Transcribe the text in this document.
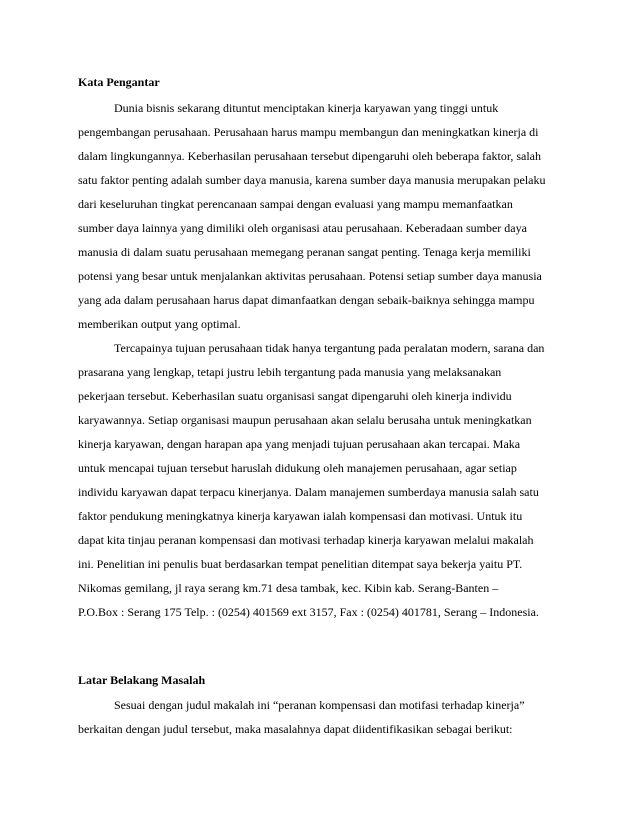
Kata Pengantar
Dunia bisnis sekarang dituntut menciptakan kinerja karyawan yang tinggi untuk
pengembangan perusahaan. Perusahaan harus mampu membangun dan meningkatkan kinerja di
dalam lingkungannya. Keberhasilan perusahaan tersebut dipengaruhi oleh beberapa faktor, salah
satu faktor penting adalah sumber daya manusia, karena sumber daya manusia merupakan pelaku
dari keseluruhan tingkat perencanaan sampai dengan evaluasi yang mampu memanfaatkan
sumber daya lainnya yang dimiliki oleh organisasi atau perusahaan. Keberadaan sumber daya
manusia di dalam suatu perusahaan memegang peranan sangat penting. Tenaga kerja memiliki
potensi yang besar untuk menjalankan aktivitas perusahaan. Potensi setiap sumber daya manusia
yang ada dalam perusahaan harus dapat dimanfaatkan dengan sebaik-baiknya sehingga mampu
memberikan output yang optimal.
Tercapainya tujuan perusahaan tidak hanya tergantung pada peralatan modern, sarana dan
prasarana yang lengkap, tetapi justru lebih tergantung pada manusia yang melaksanakan
pekerjaan tersebut. Keberhasilan suatu organisasi sangat dipengaruhi oleh kinerja individu
karyawannya. Setiap organisasi maupun perusahaan akan selalu berusaha untuk meningkatkan
kinerja karyawan, dengan harapan apa yang menjadi tujuan perusahaan akan tercapai. Maka
untuk mencapai tujuan tersebut haruslah didukung oleh manajemen perusahaan, agar setiap
individu karyawan dapat terpacu kinerjanya. Dalam manajemen sumberdaya manusia salah satu
faktor pendukung meningkatnya kinerja karyawan ialah kompensasi dan motivasi. Untuk itu
dapat kita tinjau peranan kompensasi dan motivasi terhadap kinerja karyawan melalui makalah
ini. Penelitian ini penulis buat berdasarkan tempat penelitian ditempat saya bekerja yaitu PT.
Nikomas gemilang, jl raya serang km.71 desa tambak, kec. Kibin kab. Serang-Banten –
P.O.Box : Serang 175 Telp. : (0254) 401569 ext 3157, Fax : (0254) 401781, Serang – Indonesia.
Latar Belakang Masalah
Sesuai dengan judul makalah ini “peranan kompensasi dan motifasi terhadap kinerja”
berkaitan dengan judul tersebut, maka masalahnya dapat diidentifikasikan sebagai berikut:
